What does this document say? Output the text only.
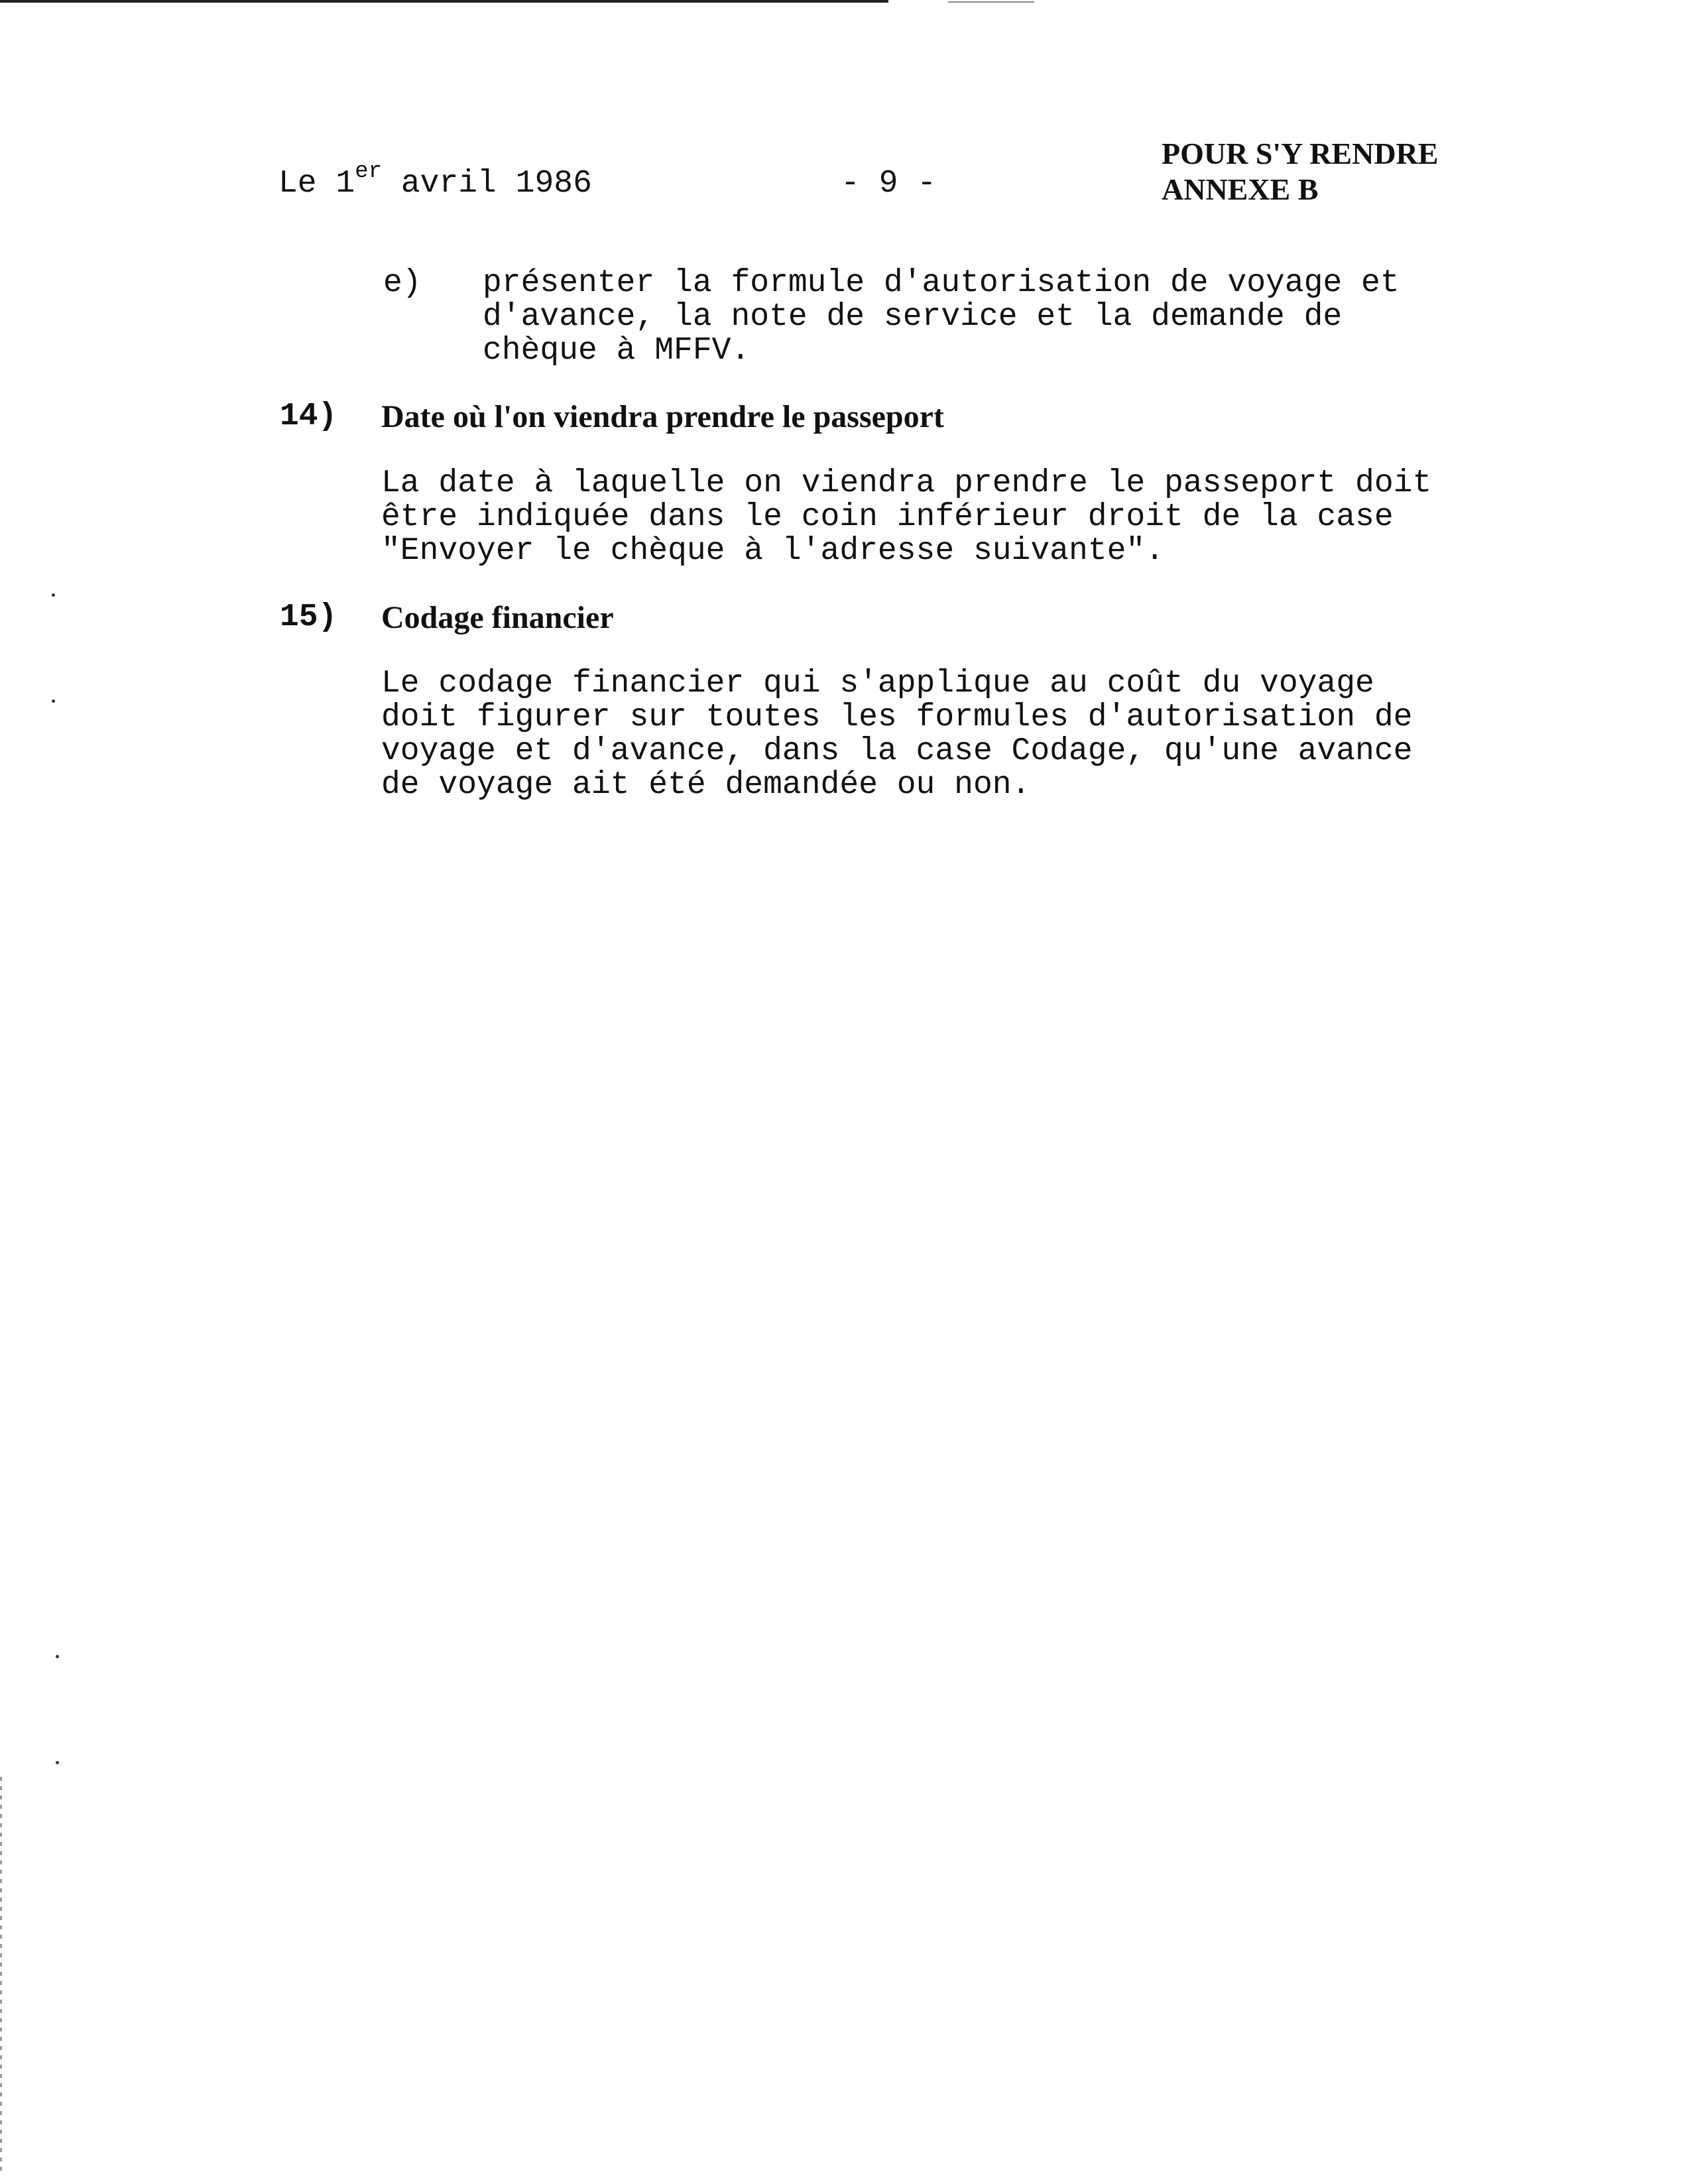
Le 1er avril 1986	- 9 -
POUR S'Y RENDRE
ANNEXE B
e) présenter la formule d'autorisation de voyage et
d'avance, la note de service et la demande de
chèque à MFFV.
14) Date où l'on viendra prendre le passeport
La date à laquelle on viendra prendre le passeport doit
être indiquée dans le coin inférieur droit de la case
"Envoyer le chèque à l'adresse suivante".
15) Codage financier
Le codage financier qui s'applique au coût du voyage
doit figurer sur toutes les formules d'autorisation de
voyage et d'avance, dans la case Codage, qu'une avance
de voyage ait été demandée ou non.
